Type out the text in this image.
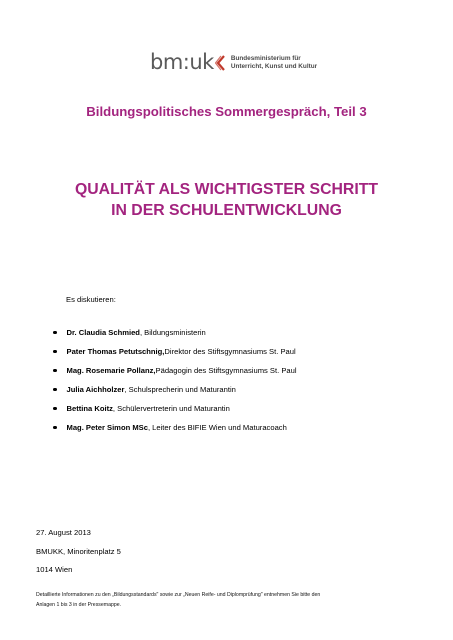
bm:uk	Bundesministerium für
Unterricht, Kunst und Kultur
Bildungspolitisches Sommergespräch, Teil 3
QUALITÄT ALS WICHTIGSTER SCHRITT
IN DER SCHULENTWICKLUNG
Es diskutieren:
Dr. Claudia Schmied , Bildungsministerin
Pater Thomas Petutschnig, Direktor des Stiftsgymnasiums St. Paul
Mag. Rosemarie Pollanz, Pädagogin des Stiftsgymnasiums St. Paul
Julia Aichholzer , Schulsprecherin und Maturantin
Bettina Koitz , Schülervertreterin und Maturantin
Mag. Peter Simon MSc , Leiter des BIFIE Wien und Maturacoach
27. August 2013
BMUKK, Minoritenplatz 5
1014 Wien
Detaillierte Informationen zu den „Bildungsstandards" sowie zur „Neuen Reife- und Diplomprüfung" entnehmen Sie bitte den
Anlagen 1 bis 3 in der Pressemappe.
